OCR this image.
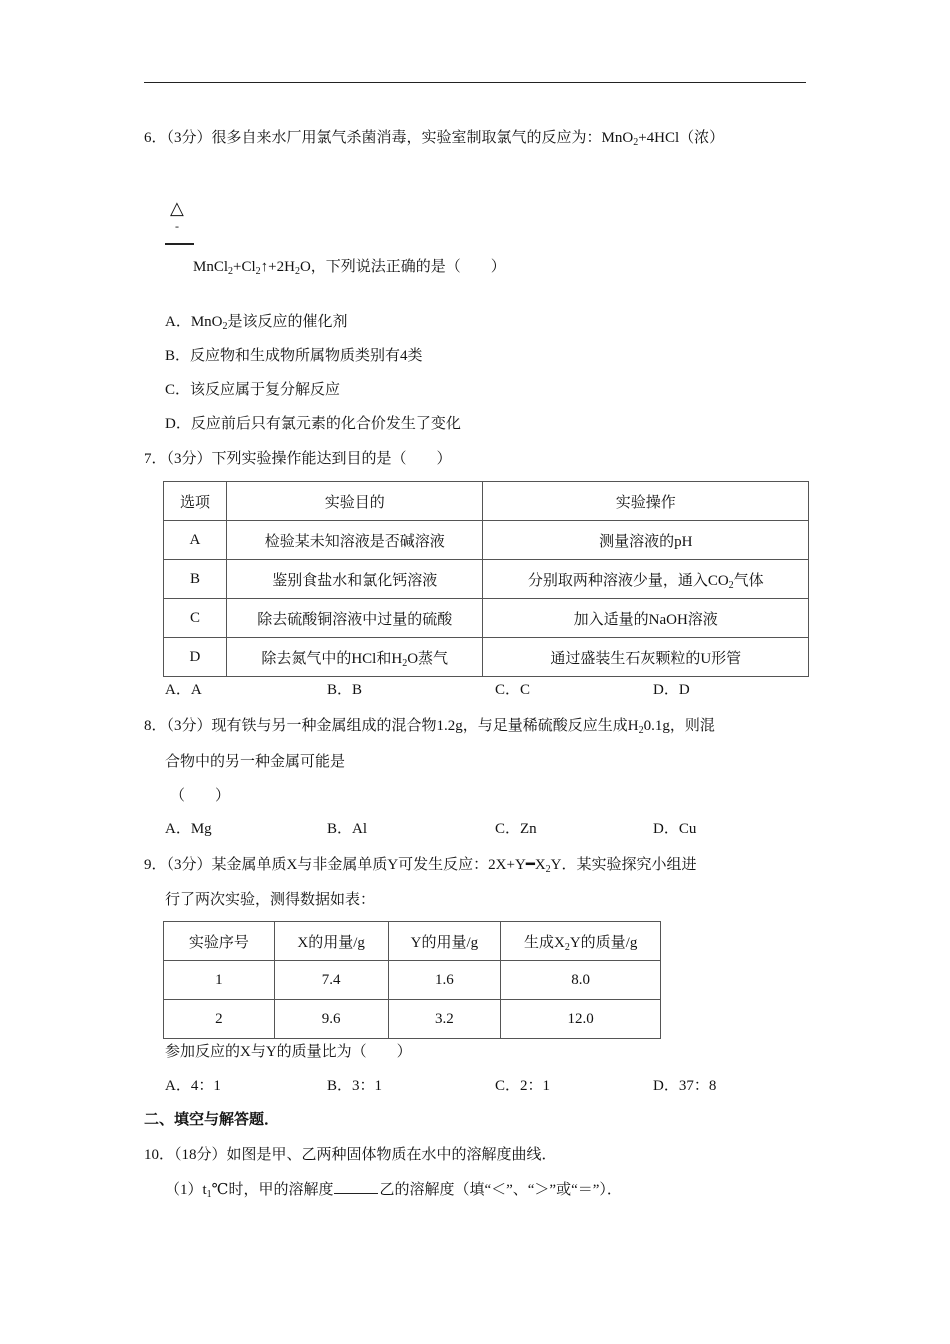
6．（3分）很多自来水厂用氯气杀菌消毒，实验室制取氯气的反应为：MnO$_2$+4HCl（浓）
△
-
$MnCl_2+Cl_2↑+2H_2O$，下列说法正确的是（　　）
A．MnO$_2$是该反应的催化剂
B．反应物和生成物所属物质类别有4类
C．该反应属于复分解反应
D．反应前后只有氯元素的化合价发生了变化
7．（3分）下列实验操作能达到目的是（　　）
选项	实验目的	实验操作
A	检验某未知溶液是否碱溶液	测量溶液的pH
B	鉴别食盐水和氯化钙溶液	分别取两种溶液少量，通入$CO_2$气体
C	除去硫酸铜溶液中过量的硫酸	加入适量的NaOH溶液
D	除去氮气中的HCl和$H_2O$蒸气	通过盛装生石灰颗粒的U形管
A．A	B．B	C．C	D．D
8．（3分）现有铁与另一种金属组成的混合物1.2g，与足量稀硫酸反应生成$H_20.1g$，则混
合物中的另一种金属可能是
（　　）
A．Mg	B．Al	C．Zn	D．Cu
9．（3分）某金属单质X与非金属单质Y可发生反应：$2X+Y━X_2Y$．某实验探究小组进
行了两次实验，测得数据如表：
实验序号	X的用量/g	Y的用量/g	生成$X_2Y$的质量/g
1	7.4	1.6	8.0
2	9.6	3.2	12.0
参加反应的X与Y的质量比为（　　）
A．4：1	B．3：1	C．2：1	D．37：8
二、填空与解答题．
10．（18分）如图是甲、乙两种固体物质在水中的溶解度曲线．
$(1)t_1℃$时，甲的溶解度	乙的溶解度（填“＜”、“＞”或“＝”）．
